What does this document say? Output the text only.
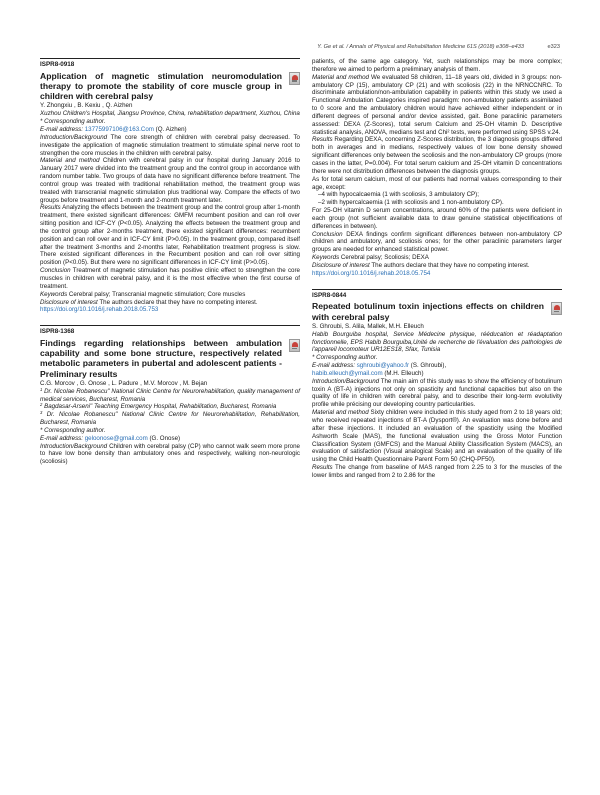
Y. Ge et al. / Annals of Physical and Rehabilitation Medicine 61S (2018) e308–e433	e323
ISPR8-0918
Application of magnetic stimulation neuromodulation therapy to promote the stability of core muscle group in children with cerebral palsy
Y. Zhongxiu , B. Kexiu , Q. Aizhen
Xuzhou Children's Hospital, Jiangsu Province, China, rehabilitation department, Xuzhou, China
* Corresponding author.
E-mail address: 13775997106@163.Com (Q. Aizhen)
Introduction/Background The core strength of children with cerebral palsy decreased. To investigate the application of magnetic stimulation treatment to stimulate spinal nerve root to strengthen the core muscles in the children with cerebral palsy.
Material and method Children with cerebral palsy in our hospital during January 2016 to January 2017 were divided into the treatment group and the control group in accordance with random number table. Two groups of data have no significant difference before treatment. The control group was treated with traditional rehabilitation method, the treatment group was treated with transcranial magnetic stimulation plus traditional way. Compare the effects of two groups before treatment and 1-month and 2-month treatment later.
Results Analyzing the effects between the treatment group and the control group after 1-month treatment, there existed significant differences: GMFM recumbent position and can roll over sitting position and ICF-CY (P<0.05). Analyzing the effects between the treatment group and the control group after 2-months treatment, there existed significant differences: recumbent position and can roll over and in ICF-CY limit (P>0.05). In the treatment group, compared itself after the treatment 3-months and 2-months later, Rehabilitation treatment progress is slow. There existed significant differences in the Recumbent position and can roll over sitting position (P<0.05). But there were no significant differences in ICF-CY limit (P>0.05).
Conclusion Treatment of magnetic stimulation has positive clinic effect to strengthen the core muscles in children with cerebral palsy, and it is the most effective when the first course of treatment.
Keywords Cerebral palsy; Transcranial magnetic stimulation; Core muscles
Disclosure of interest The authors declare that they have no competing interest.
https://doi.org/10.1016/j.rehab.2018.05.753
ISPR8-1368
Findings regarding relationships between ambulation capability and some bone structure, respectively related metabolic parameters in pubertal and adolescent patients - Preliminary results
C.G. Morcov , G. Onose , L. Padure , M.V. Morcov , M. Bejan
$^1$ Dr. Nicolae Robanescu" National Clinic Centre for Neurorehabilitation, quality management of medical services, Bucharest, Romania
$^2$ Bagdasar-Arseni" Teaching Emergency Hospital, Rehabilitation, Bucharest, Romania
$^3$ Dr. Nicolae Robanescu" National Clinic Centre for Neurorehabilitation, Rehabilitation, Bucharest, Romania
* Corresponding author.
E-mail address: geloonose@gmail.com (G. Onose)
Introduction/Background Children with cerebral palsy (CP) who cannot walk seem more prone to have low bone density than ambulatory ones and respectively, walking non-neurologic (scoliosis)
patients, of the same age category. Yet, such relationships may be more complex; therefore we aimed to perform a preliminary analysis of them.
Material and method We evaluated 58 children, 11–18 years old, divided in 3 groups: non-ambulatory CP (15), ambulatory CP (21) and with scoliosis (22) in the NRNCCNRC. To discriminate ambulation/non-ambulation capability in patients within this study we used a Functional Ambulation Categories inspired paradigm: non-ambulatory patients assimilated to 0 score and the ambulatory children would have achieved either independent or in different degrees of personal and/or device assisted, gait. Bone paraclinic parameters assessed: DEXA (Z-Scores), total serum Calcium and 25-OH vitamin D. Descriptive statistical analysis, ANOVA, medians test and Chi² tests, were performed using SPSS v.24.
Results Regarding DEXA, concerning Z-Scores distribution, the 3 diagnosis groups differed both in averages and in medians, respectively values of low bone density showed significant differences only between the scoliosis and the non-ambulatory CP groups (more cases in the latter, P=0.004). For total serum calcium and 25-OH vitamin D concentrations there were not distribution differences between the diagnosis groups.
As for total serum calcium, most of our patients had normal values corresponding to their age, except:
–4 with hypocalcaemia (1 with scoliosis, 3 ambulatory CP);
–2 with hypercalcaemia (1 with scoliosis and 1 non-ambulatory CP).
For 25-OH vitamin D serum concentrations, around 60% of the patients were deficient in each group (not sufficient available data to draw genuine statistical objectifications of differences in between).
Conclusion DEXA findings confirm significant differences between non-ambulatory CP children and ambulatory, and scoliosis ones; for the other paraclinic parameters larger groups are needed for enhanced statistical power.
Keywords Cerebral palsy; Scoliosis; DEXA
Disclosure of interest The authors declare that they have no competing interest.
https://doi.org/10.1016/j.rehab.2018.05.754
ISPR8-0844
Repeated botulinum toxin injections effects on children with cerebral palsy
S. Ghroubi, S. Alila, Mallek, M.H. Elleuch
Habib Bourguiba hospital, Service Médecine physique, rééducation et réadaptation fonctionnelle, EPS Habib Bourguiba,Unité de recherche de l'évaluation des pathologies de l'appareil locomoteur UR12ES18, Sfax, Tunisia
* Corresponding author.
E-mail address: sghroubi@yahoo.fr (S. Ghroubi),
habib.elleuch@ymail.com (M.H. Elleuch)
Introduction/Background The main aim of this study was to show the efficiency of botulinum toxin A (BT-A) injections not only on spasticity and functional capacities but also on the quality of life in children with cerebral palsy, and to describe their long-term evolutivity profile while précising our developing country particularities.
Material and method Sixty children were included in this study aged from 2 to 18 years old; who received repeated injections of BT-A (Dysport®). An evaluation was done before and after these injections. It included an evaluation of the spasticity using the Modified Ashworth Scale (MAS), the functional evaluation using the Gross Motor Function Classification System (GMFCS) and the Manual Ability Classification System (MACS), an evaluation of satisfaction (Visual analogical Scale) and an evaluation of the quality of life using the Child Health Questionnaire Parent Form 50 (CHQ-PF50).
Results The change from baseline of MAS ranged from 2.25 to 3 for the muscles of the lower limbs and ranged from 2 to 2.86 for the
